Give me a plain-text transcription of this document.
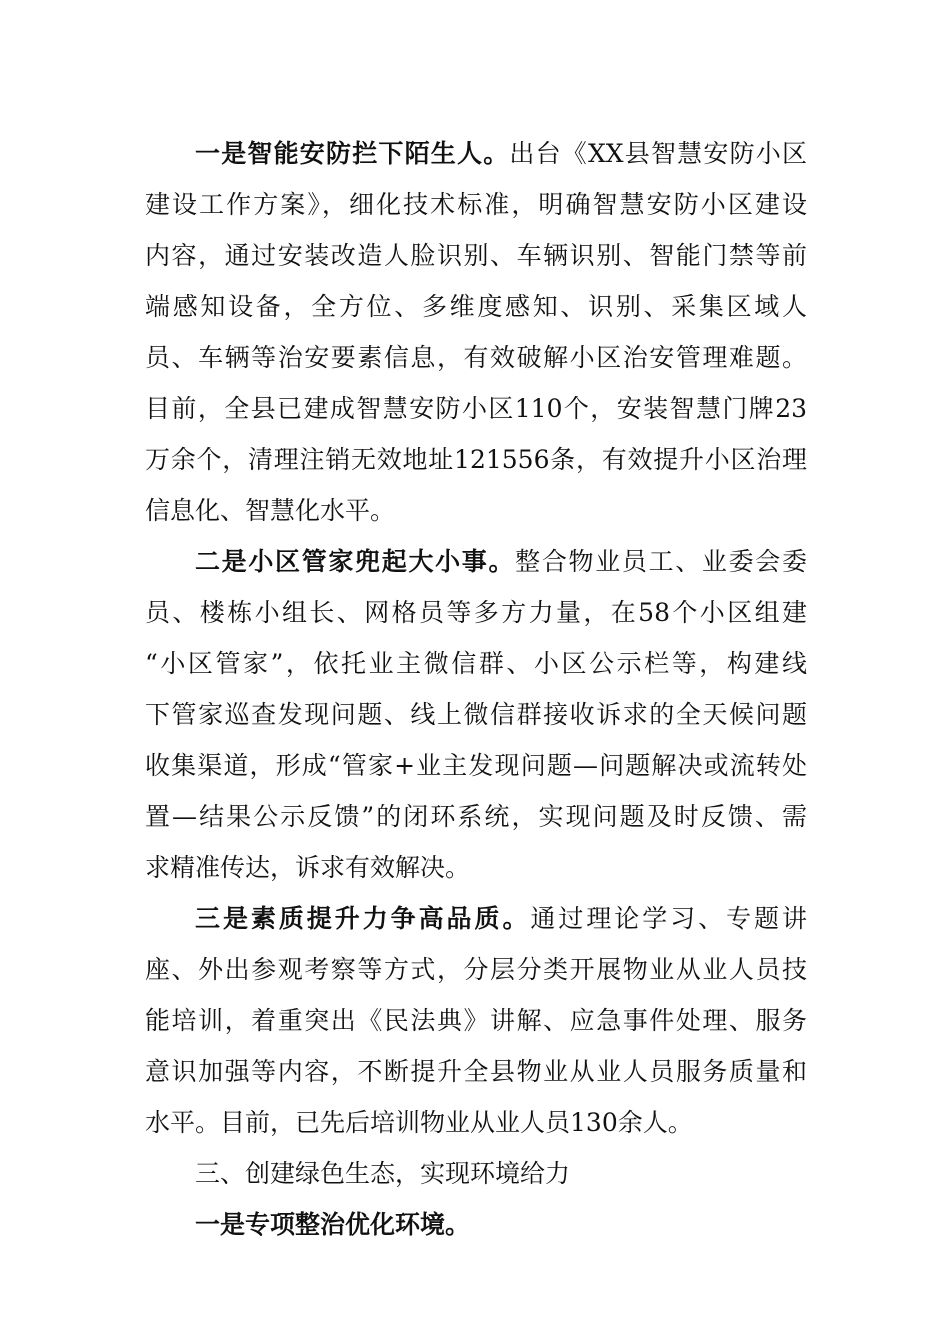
一是智能安防拦下陌生人。出台《XX县智慧安防小区
建设工作方案》，细化技术标准，明确智慧安防小区建设
内容，通过安装改造人脸识别、车辆识别、智能门禁等前
端感知设备，全方位、多维度感知、识别、采集区域人
员、车辆等治安要素信息，有效破解小区治安管理难题。
目前，全县已建成智慧安防小区110个，安装智慧门牌23
万余个，清理注销无效地址121556条，有效提升小区治理
信息化、智慧化水平。
二是小区管家兜起大小事。整合物业员工、业委会委
员、楼栋小组长、网格员等多方力量，在58个小区组建
“小区管家”，依托业主微信群、小区公示栏等，构建线
下管家巡查发现问题、线上微信群接收诉求的全天候问题
收集渠道，形成“管家+业主发现问题—问题解决或流转处
置—结果公示反馈”的闭环系统，实现问题及时反馈、需
求精准传达，诉求有效解决。
三是素质提升力争高品质。通过理论学习、专题讲
座、外出参观考察等方式，分层分类开展物业从业人员技
能培训，着重突出《民法典》讲解、应急事件处理、服务
意识加强等内容，不断提升全县物业从业人员服务质量和
水平。目前，已先后培训物业从业人员130余人。
三、创建绿色生态，实现环境给力
一是专项整治优化环境。
